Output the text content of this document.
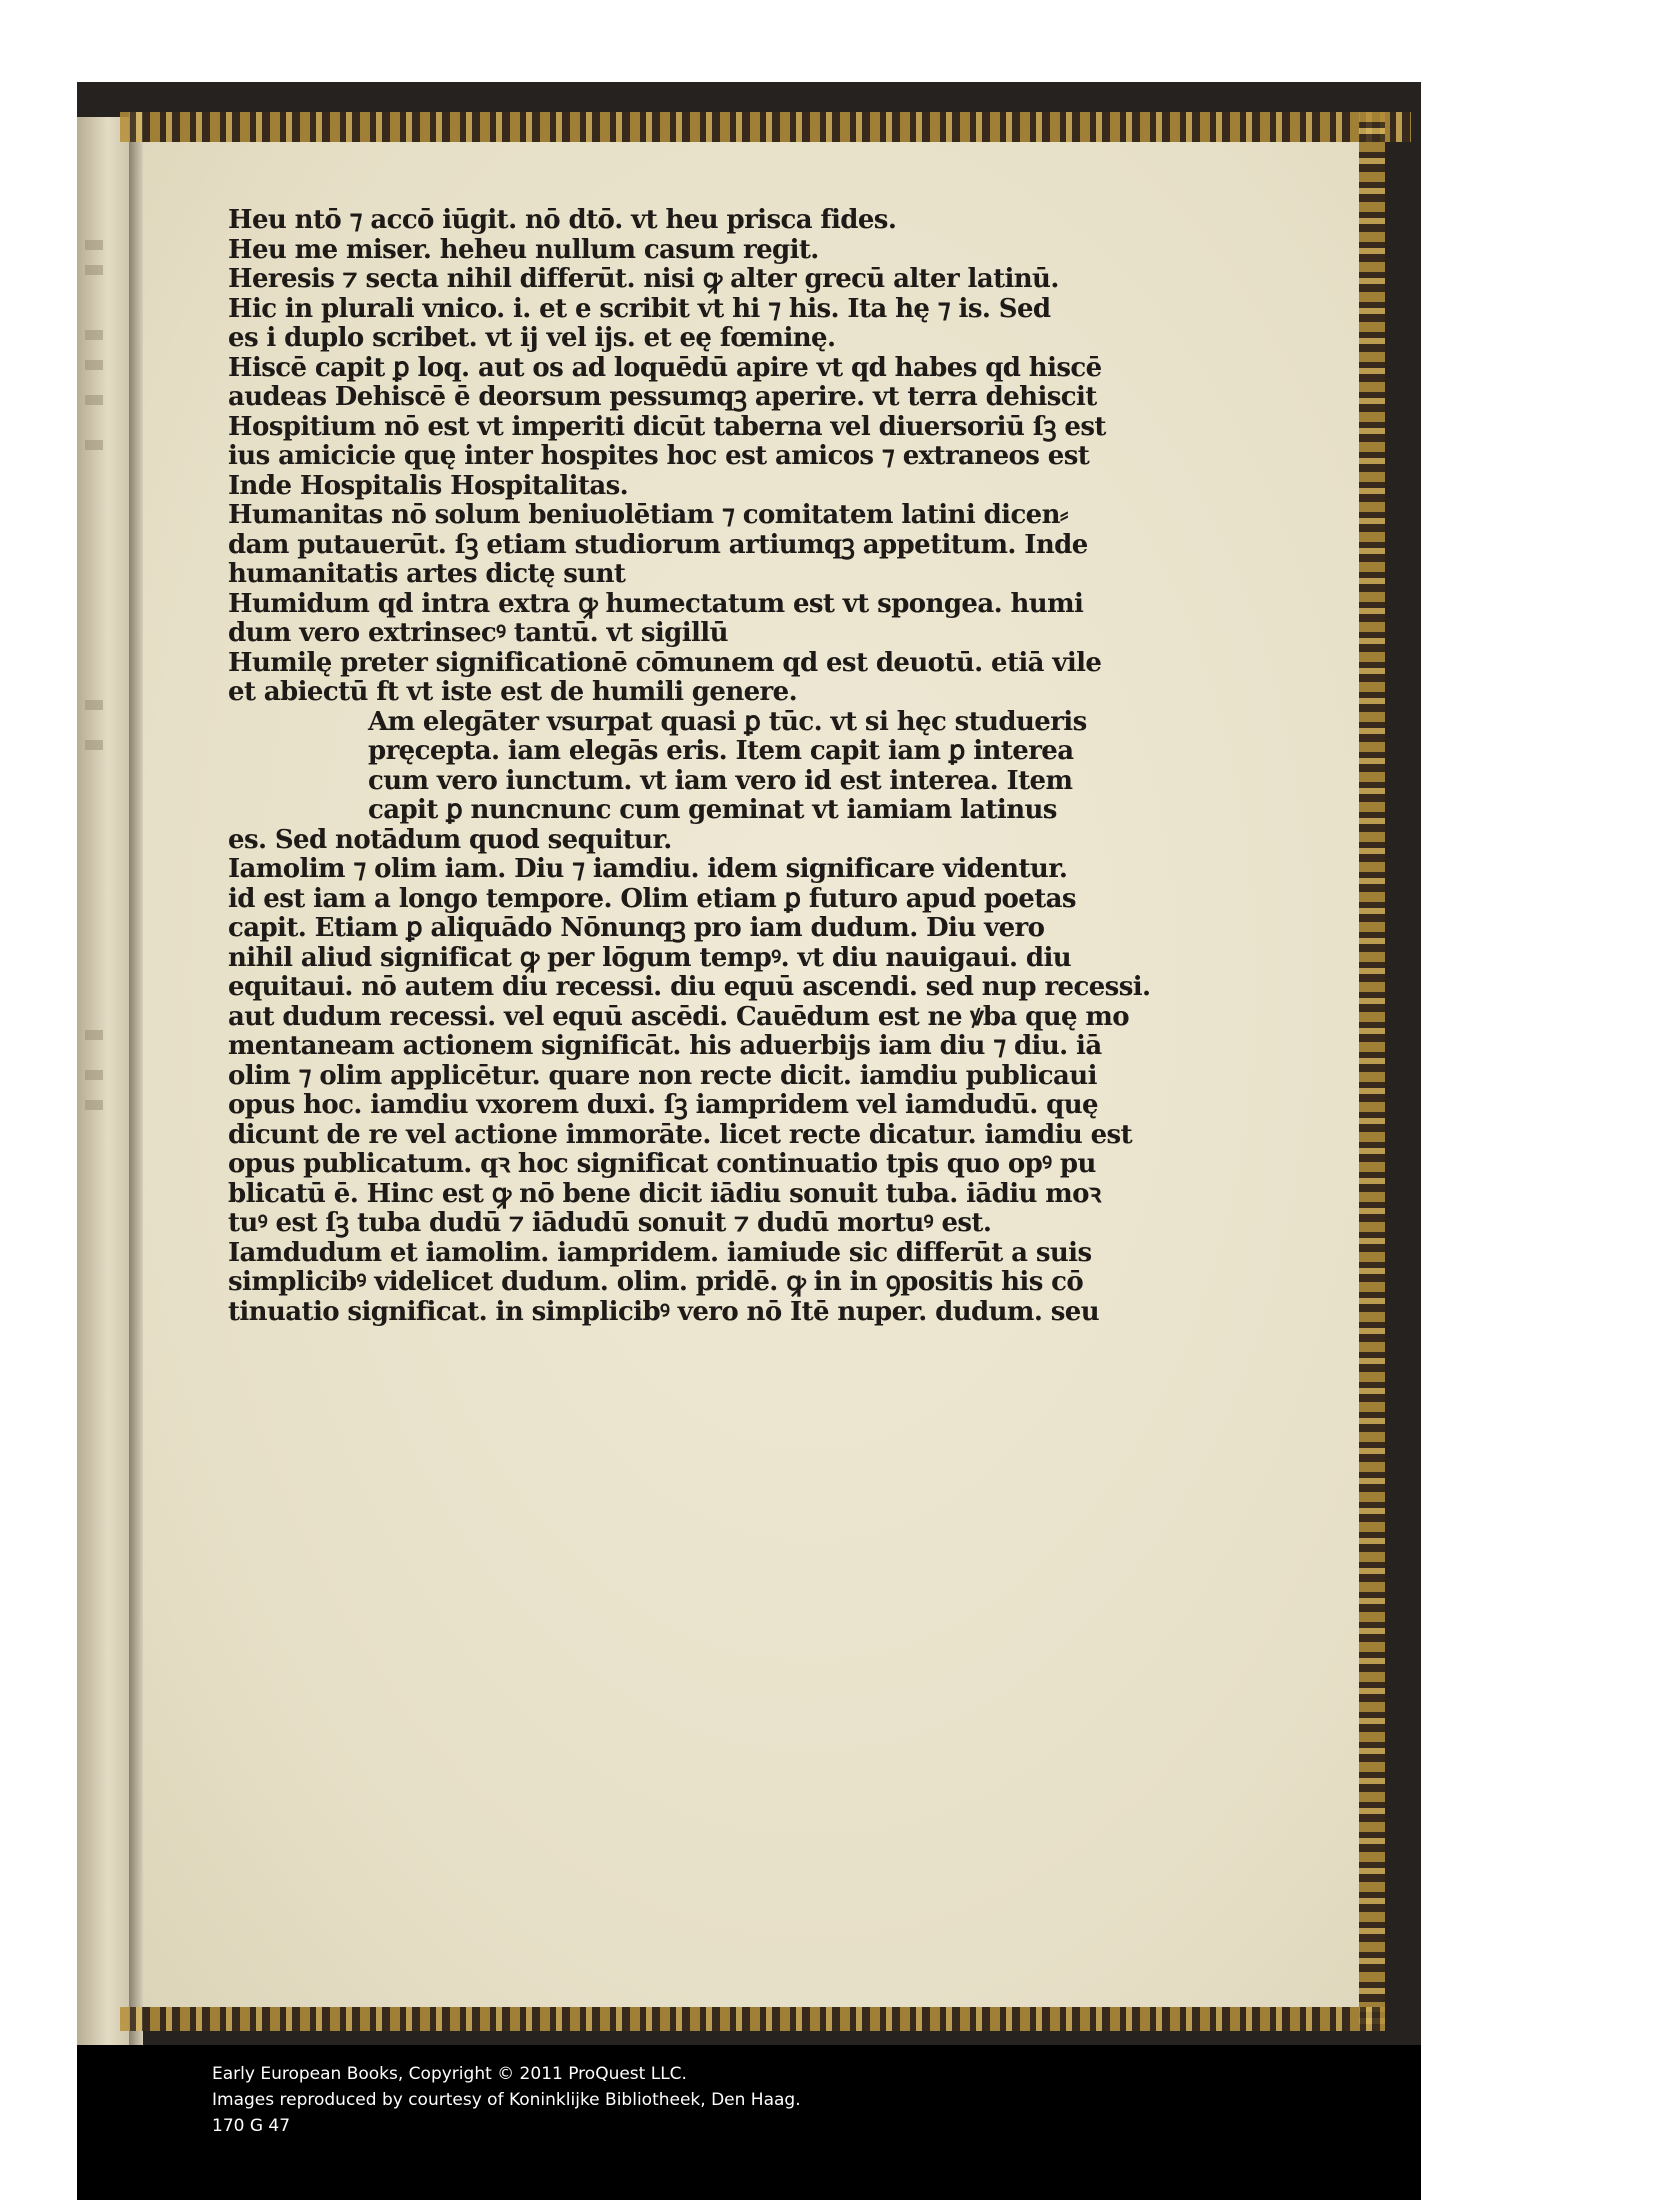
Heu ntō ⁊ accō iūgit. nō dtō. vt heu prisca fides.
Heu me miser. heheu nullum casum regit.
Heresis ⁊ secta nihil differūt. nisi ꝙ alter grecū alter latinū.
Hic in plurali vnico. i. et e scribit vt hi ⁊ his. Ita hę ⁊ is. Sed
es i duplo scribet. vt ij vel ijs. et eę fœminę.
Hiscē capit ꝑ loq. aut os ad loquēdū apire vt qd habes qd hiscē
audeas Dehiscē ē deorsum pessumqꝫ aperire. vt terra dehiscit
Hospitium nō est vt imperiti dicūt taberna vel diuersoriū ſꝫ est
ius amicicie quę inter hospites hoc est amicos ⁊ extraneos est
Inde Hospitalis Hospitalitas.
Humanitas nō solum beniuolētiam ⁊ comitatem latini dicen⸗
dam putauerūt. ſꝫ etiam studiorum artiumqꝫ appetitum. Inde
humanitatis artes dictę sunt
Humidum qd intra extra ꝙ humectatum est vt spongea. humi
dum vero extrinsecꝰ tantū. vt sigillū
Humilę preter significationē cōmunem qd est deuotū. etiā vile
et abiectū ft vt iste est de humili genere.
Am elegāter vsurpat quasi ꝑ tūc. vt si hęc studueris
pręcepta. iam elegās eris. Item capit iam ꝑ interea
cum vero iunctum. vt iam vero id est interea. Item
capit ꝑ nuncnunc cum geminat vt iamiam latinus
es. Sed notādum quod sequitur.
Iamolim ⁊ olim iam. Diu ⁊ iamdiu. idem significare videntur.
id est iam a longo tempore. Olim etiam ꝑ futuro apud poetas
capit. Etiam ꝑ aliquādo Nōnunqꝫ pro iam dudum. Diu vero
nihil aliud significat ꝙ per lōgum tempꝰ. vt diu nauigaui. diu
equitaui. nō autem diu recessi. diu equū ascendi. sed nup recessi.
aut dudum recessi. vel equū ascēdi. Cauēdum est ne ꝟba quę mo
mentaneam actionem significāt. his aduerbijs iam diu ⁊ diu. iā
olim ⁊ olim applicētur. quare non recte dicit. iamdiu publicaui
opus hoc. iamdiu vxorem duxi. ſꝫ iampridem vel iamdudū. quę
dicunt de re vel actione immorāte. licet recte dicatur. iamdiu est
opus publicatum. qꝛ hoc significat continuatio tpis quo opꝰ pu
blicatū ē. Hinc est ꝙ nō bene dicit iādiu sonuit tuba. iādiu moꝛ
tuꝰ est ſꝫ tuba dudū ⁊ iādudū sonuit ⁊ dudū mortuꝰ est.
Iamdudum et iamolim. iampridem. iamiude sic differūt a suis
simplicibꝰ videlicet dudum. olim. pridē. ꝙ in in ꝯpositis his cō
tinuatio significat. in simplicibꝰ vero nō Itē nuper. dudum. seu
Early European Books, Copyright © 2011 ProQuest LLC.
Images reproduced by courtesy of Koninklijke Bibliotheek, Den Haag.
170 G 47
